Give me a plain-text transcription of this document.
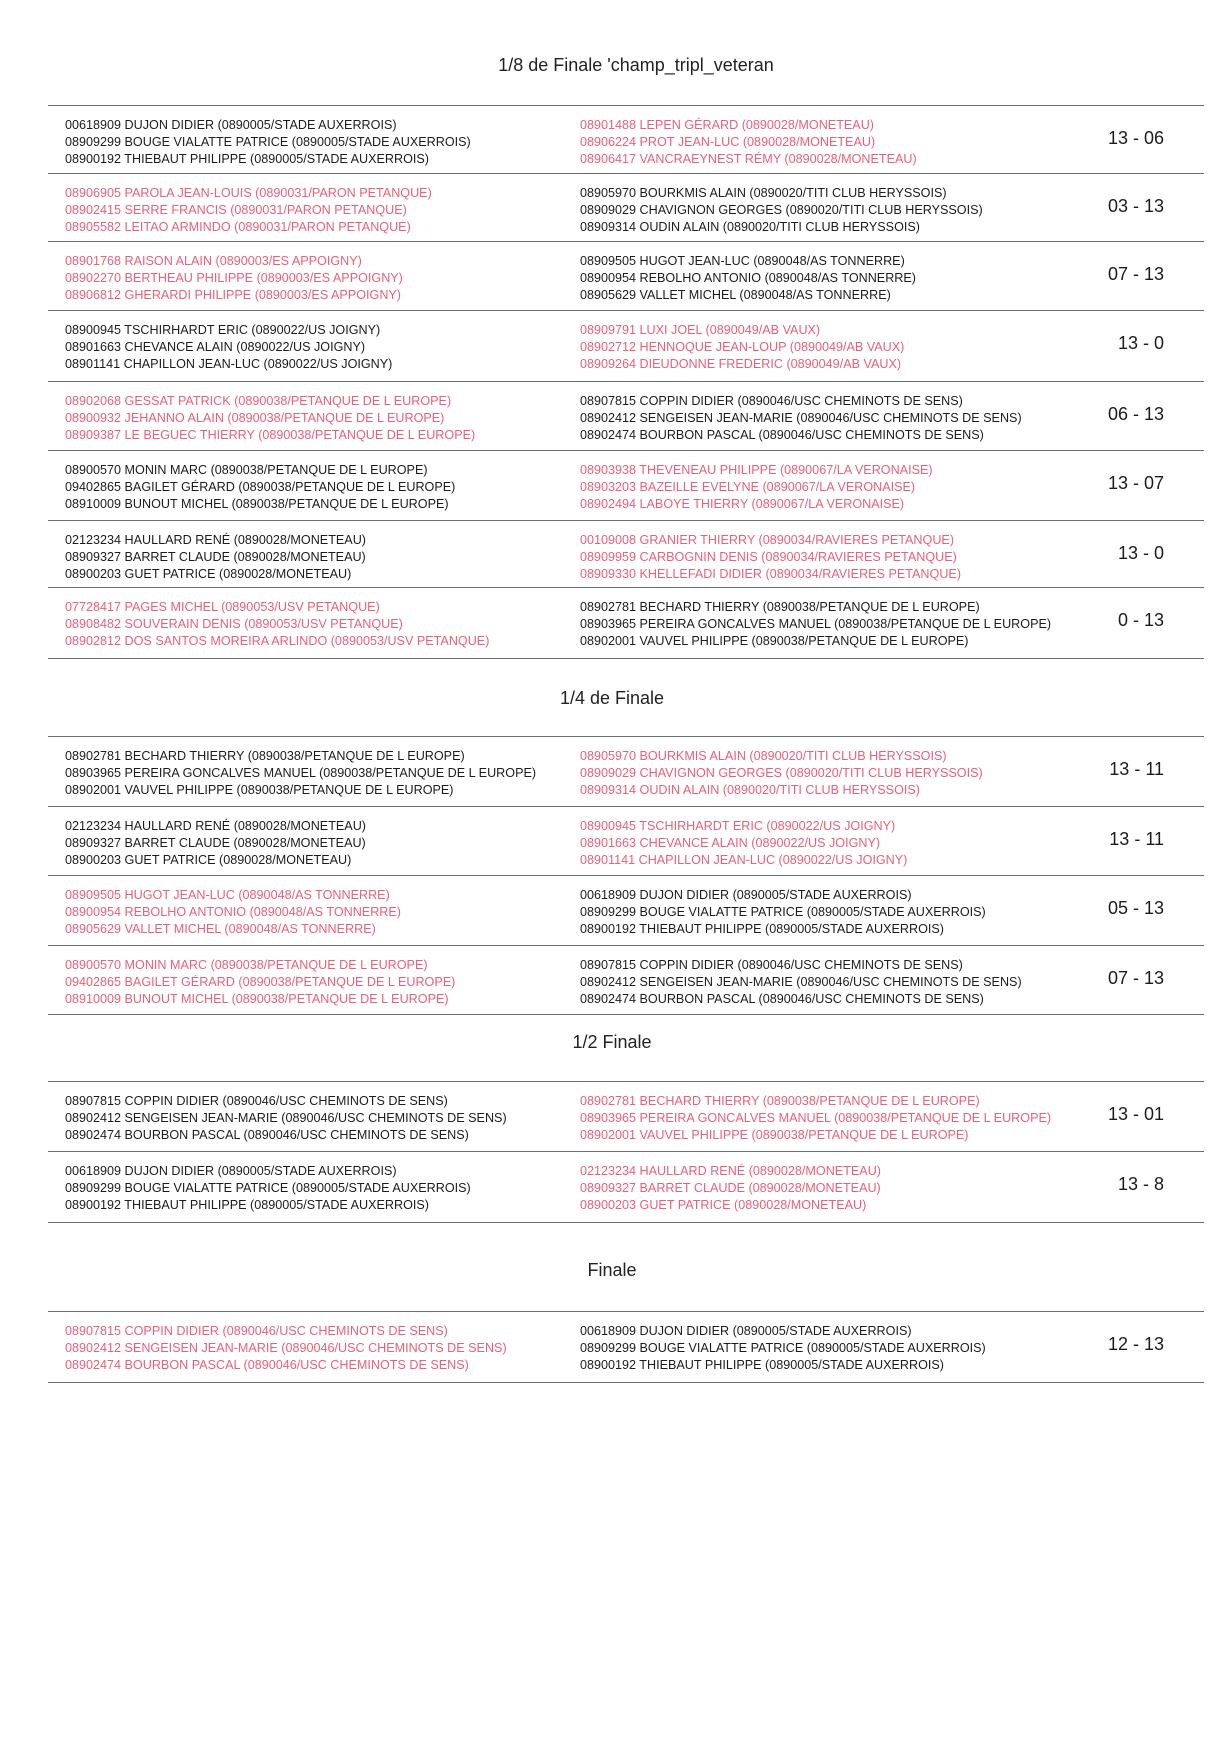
1/8 de Finale 'champ_tripl_veteran
00618909 DUJON DIDIER (0890005/STADE AUXERROIS)
08909299 BOUGE VIALATTE PATRICE (0890005/STADE AUXERROIS)
08900192 THIEBAUT PHILIPPE (0890005/STADE AUXERROIS)
08901488 LEPEN GÉRARD (0890028/MONETEAU)
08906224 PROT JEAN-LUC (0890028/MONETEAU)
08906417 VANCRAEYNEST RÉMY (0890028/MONETEAU)
13 - 06
08906905 PAROLA JEAN-LOUIS (0890031/PARON PETANQUE)
08902415 SERRE FRANCIS (0890031/PARON PETANQUE)
08905582 LEITAO ARMINDO (0890031/PARON PETANQUE)
08905970 BOURKMIS ALAIN (0890020/TITI CLUB HERYSSOIS)
08909029 CHAVIGNON GEORGES (0890020/TITI CLUB HERYSSOIS)
08909314 OUDIN ALAIN (0890020/TITI CLUB HERYSSOIS)
03 - 13
08901768 RAISON ALAIN (0890003/ES APPOIGNY)
08902270 BERTHEAU PHILIPPE (0890003/ES APPOIGNY)
08906812 GHERARDI PHILIPPE (0890003/ES APPOIGNY)
08909505 HUGOT JEAN-LUC (0890048/AS TONNERRE)
08900954 REBOLHO ANTONIO (0890048/AS TONNERRE)
08905629 VALLET MICHEL (0890048/AS TONNERRE)
07 - 13
08900945 TSCHIRHARDT ERIC (0890022/US JOIGNY)
08901663 CHEVANCE ALAIN (0890022/US JOIGNY)
08901141 CHAPILLON JEAN-LUC (0890022/US JOIGNY)
08909791 LUXI JOEL (0890049/AB VAUX)
08902712 HENNOQUE JEAN-LOUP (0890049/AB VAUX)
08909264 DIEUDONNE FREDERIC (0890049/AB VAUX)
13 - 0
08902068 GESSAT PATRICK (0890038/PETANQUE DE L EUROPE)
08900932 JEHANNO ALAIN (0890038/PETANQUE DE L EUROPE)
08909387 LE BEGUEC THIERRY (0890038/PETANQUE DE L EUROPE)
08907815 COPPIN DIDIER (0890046/USC CHEMINOTS DE SENS)
08902412 SENGEISEN JEAN-MARIE (0890046/USC CHEMINOTS DE SENS)
08902474 BOURBON PASCAL (0890046/USC CHEMINOTS DE SENS)
06 - 13
08900570 MONIN MARC (0890038/PETANQUE DE L EUROPE)
09402865 BAGILET GÉRARD (0890038/PETANQUE DE L EUROPE)
08910009 BUNOUT MICHEL (0890038/PETANQUE DE L EUROPE)
08903938 THEVENEAU PHILIPPE (0890067/LA VERONAISE)
08903203 BAZEILLE EVELYNE (0890067/LA VERONAISE)
08902494 LABOYE THIERRY (0890067/LA VERONAISE)
13 - 07
02123234 HAULLARD RENÉ (0890028/MONETEAU)
08909327 BARRET CLAUDE (0890028/MONETEAU)
08900203 GUET PATRICE (0890028/MONETEAU)
00109008 GRANIER THIERRY (0890034/RAVIERES PETANQUE)
08909959 CARBOGNIN DENIS (0890034/RAVIERES PETANQUE)
08909330 KHELLEFADI DIDIER (0890034/RAVIERES PETANQUE)
13 - 0
07728417 PAGES MICHEL (0890053/USV PETANQUE)
08908482 SOUVERAIN DENIS (0890053/USV PETANQUE)
08902812 DOS SANTOS MOREIRA ARLINDO (0890053/USV PETANQUE)
08902781 BECHARD THIERRY (0890038/PETANQUE DE L EUROPE)
08903965 PEREIRA GONCALVES MANUEL (0890038/PETANQUE DE L EUROPE)
08902001 VAUVEL PHILIPPE (0890038/PETANQUE DE L EUROPE)
0 - 13
1/4 de Finale
08902781 BECHARD THIERRY (0890038/PETANQUE DE L EUROPE)
08903965 PEREIRA GONCALVES MANUEL (0890038/PETANQUE DE L EUROPE)
08902001 VAUVEL PHILIPPE (0890038/PETANQUE DE L EUROPE)
08905970 BOURKMIS ALAIN (0890020/TITI CLUB HERYSSOIS)
08909029 CHAVIGNON GEORGES (0890020/TITI CLUB HERYSSOIS)
08909314 OUDIN ALAIN (0890020/TITI CLUB HERYSSOIS)
13 - 11
02123234 HAULLARD RENÉ (0890028/MONETEAU)
08909327 BARRET CLAUDE (0890028/MONETEAU)
08900203 GUET PATRICE (0890028/MONETEAU)
08900945 TSCHIRHARDT ERIC (0890022/US JOIGNY)
08901663 CHEVANCE ALAIN (0890022/US JOIGNY)
08901141 CHAPILLON JEAN-LUC (0890022/US JOIGNY)
13 - 11
08909505 HUGOT JEAN-LUC (0890048/AS TONNERRE)
08900954 REBOLHO ANTONIO (0890048/AS TONNERRE)
08905629 VALLET MICHEL (0890048/AS TONNERRE)
00618909 DUJON DIDIER (0890005/STADE AUXERROIS)
08909299 BOUGE VIALATTE PATRICE (0890005/STADE AUXERROIS)
08900192 THIEBAUT PHILIPPE (0890005/STADE AUXERROIS)
05 - 13
08900570 MONIN MARC (0890038/PETANQUE DE L EUROPE)
09402865 BAGILET GÉRARD (0890038/PETANQUE DE L EUROPE)
08910009 BUNOUT MICHEL (0890038/PETANQUE DE L EUROPE)
08907815 COPPIN DIDIER (0890046/USC CHEMINOTS DE SENS)
08902412 SENGEISEN JEAN-MARIE (0890046/USC CHEMINOTS DE SENS)
08902474 BOURBON PASCAL (0890046/USC CHEMINOTS DE SENS)
07 - 13
1/2 Finale
08907815 COPPIN DIDIER (0890046/USC CHEMINOTS DE SENS)
08902412 SENGEISEN JEAN-MARIE (0890046/USC CHEMINOTS DE SENS)
08902474 BOURBON PASCAL (0890046/USC CHEMINOTS DE SENS)
08902781 BECHARD THIERRY (0890038/PETANQUE DE L EUROPE)
08903965 PEREIRA GONCALVES MANUEL (0890038/PETANQUE DE L EUROPE)
08902001 VAUVEL PHILIPPE (0890038/PETANQUE DE L EUROPE)
13 - 01
00618909 DUJON DIDIER (0890005/STADE AUXERROIS)
08909299 BOUGE VIALATTE PATRICE (0890005/STADE AUXERROIS)
08900192 THIEBAUT PHILIPPE (0890005/STADE AUXERROIS)
02123234 HAULLARD RENÉ (0890028/MONETEAU)
08909327 BARRET CLAUDE (0890028/MONETEAU)
08900203 GUET PATRICE (0890028/MONETEAU)
13 - 8
Finale
08907815 COPPIN DIDIER (0890046/USC CHEMINOTS DE SENS)
08902412 SENGEISEN JEAN-MARIE (0890046/USC CHEMINOTS DE SENS)
08902474 BOURBON PASCAL (0890046/USC CHEMINOTS DE SENS)
00618909 DUJON DIDIER (0890005/STADE AUXERROIS)
08909299 BOUGE VIALATTE PATRICE (0890005/STADE AUXERROIS)
08900192 THIEBAUT PHILIPPE (0890005/STADE AUXERROIS)
12 - 13
